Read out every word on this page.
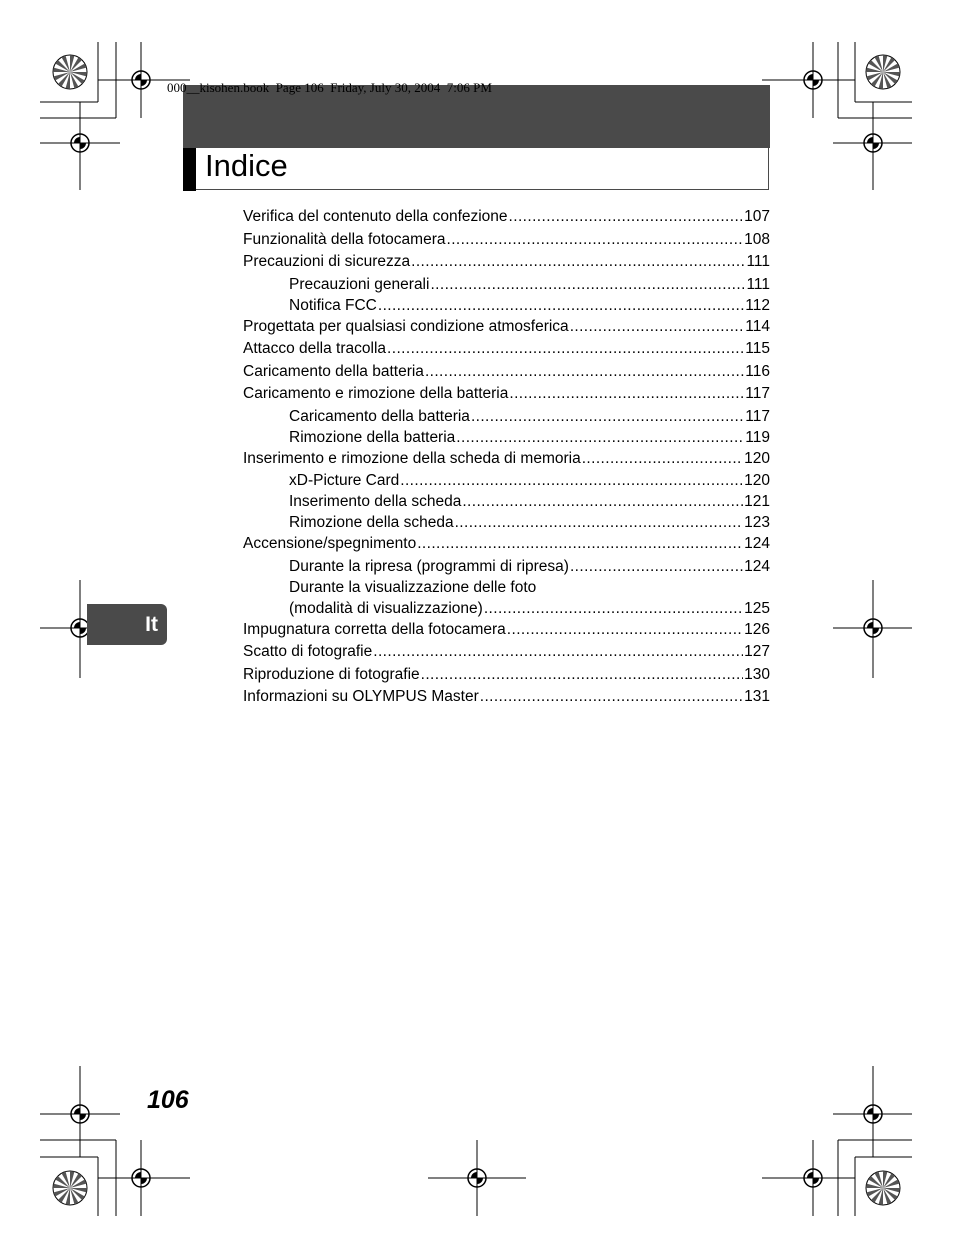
000__kisohen.book  Page 106  Friday, July 30, 2004  7:06 PM
Indice
Verifica del contenuto della confezione .....	107
Funzionalità della fotocamera .....	108
Precauzioni di sicurezza .....	111
Precauzioni generali .....	111
Notifica FCC .....	112
Progettata per qualsiasi condizione atmosferica .....	114
Attacco della tracolla .....	115
Caricamento della batteria .....	116
Caricamento e rimozione della batteria .....	117
Caricamento della batteria .....	117
Rimozione della batteria .....	119
Inserimento e rimozione della scheda di memoria .....	120
xD-Picture Card .....	120
Inserimento della scheda .....	121
Rimozione della scheda .....	123
Accensione/spegnimento .....	124
Durante la ripresa (programmi di ripresa) .....	124
Durante la visualizzazione delle foto
(modalità di visualizzazione) .....	125
Impugnatura corretta della fotocamera .....	126
Scatto di fotografie .....	127
Riproduzione di fotografie .....	130
Informazioni su OLYMPUS Master .....	131
It
106
